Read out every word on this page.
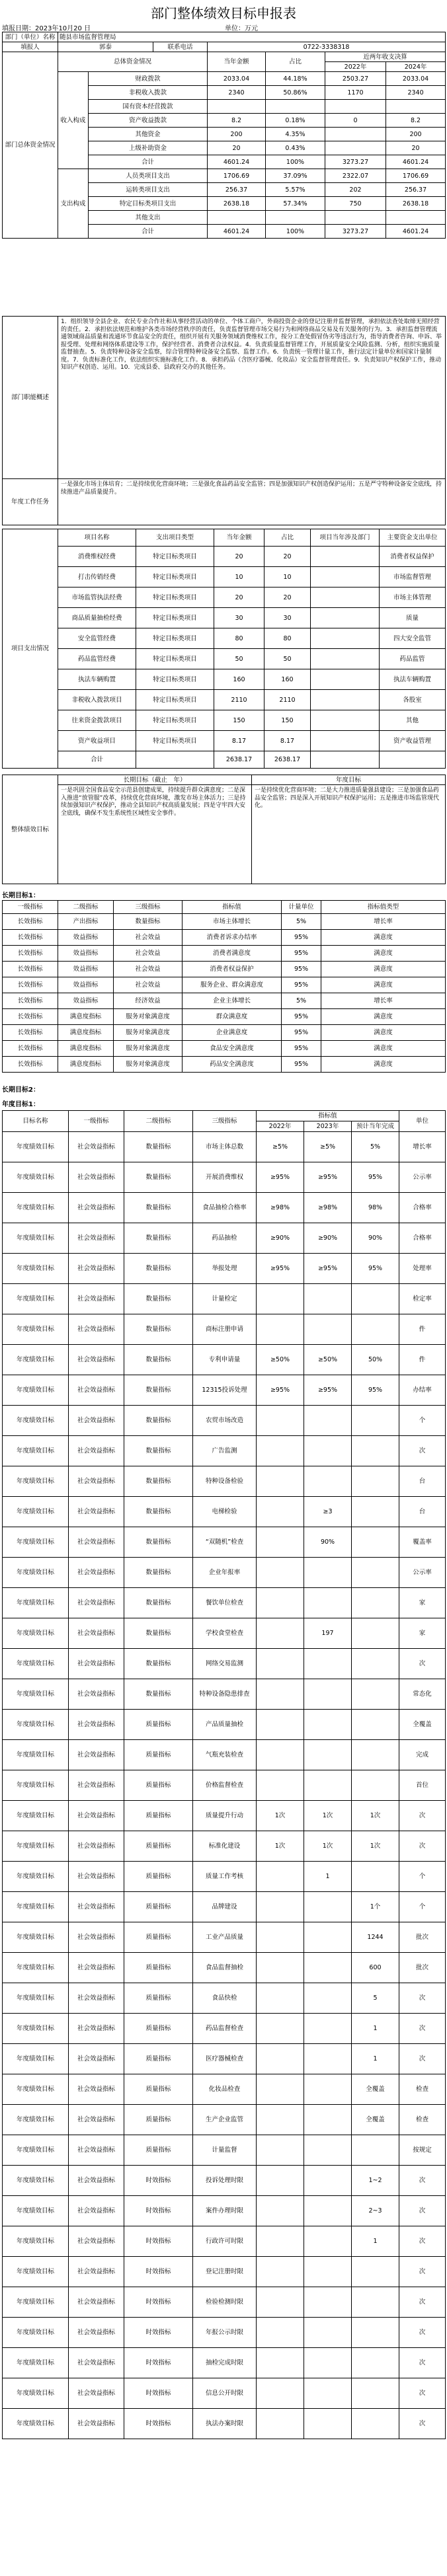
部门整体绩效目标申报表
填报日期：2023年10月20 日	单位：万元
部门（单位）名称	随县市场监督管理局						
填报人	郭泰		联系电话	0722-3338318			
部门总体资金情况	总体资金情况			当年金额	占比	近两年收支决算	
						2022年	2024年
	收入构成	财政拨款		2033.04	44.18%	2503.27	2033.04
		非税收入拨款		2340	50.86%	1170	2340
		国有资本经营拨款					
		资产收益拨款		8.2	0.18%	0	8.2
		其他资金		200	4.35%		200
		上级补助资金		20	0.43%		20
		合计		4601.24	100%	3273.27	4601.24
	支出构成	人员类项目支出		1706.69	37.09%	2322.07	1706.69
		运转类项目支出		256.37	5.57%	202	256.37
		特定目标类项目支出		2638.18	57.34%	750	2638.18
		其他支出					
		合计		4601.24	100%	3273.27	4601.24
部门职能概述	1．组织领导全县企业、农民专业合作社和从事经营活动的单位、个体工商户，外商投资企业的登记注册并监督管理，承担依法查处取缔无照经营的责任。2．承担依法规范和维护各类市场经营秩序的责任，负责监督管理市场交易行为和网络商品交易及有关服务的行为。3．承担监督管理流通领域商品质量和流通环节食品安全的责任，组织开展有关服务领域消费维权工作，按分工查处假冒伪劣等违法行为，指导消费者咨询、申诉、举报受理、处理和网络体系建设等工作，保护经营者、消费者合法权益。4．负责质量监督管理工作，开展质量安全风险监测、分析，组织实施质量监督抽查。5．负责特种设备安全监察，综合管理特种设备安全监察、监督工作。6．负责统一管理计量工作，推行法定计量单位和国家计量制度。7．负责标准化工作，依法组织实施标准化工作。8．承担药品（含医疗器械、化妆品）安全监督管理责任。9．负责知识产权保护工作，推动知识产权创造、运用。10．完成县委、县政府交办的其他任务。
年度工作任务	一是强化市场主体培育；二是持续优化营商环境；三是强化食品药品安全监管；四是加强知识产权创造保护运用；五是严守特种设备安全底线，持续推进产品质量提升。
项目支出情况	项目名称	支出项目类型	当年金额	占比	项目当年涉及部门	主要资金支出单位
	消费维权经费	特定目标类项目	20	20		消费者权益保护
	打击传销经费	特定目标类项目	10	10		市场监督管理
	市场监管执法经费	特定目标类项目	20	20		市场主体管理
	商品质量抽检经费	特定目标类项目	30	30		质量
	安全监管经费	特定目标类项目	80	80		四大安全监管
	药品监管经费	特定目标类项目	50	50		药品监管
	执法车辆购置	特定目标类项目	160	160		执法车辆购置
	非税收入拨款项目	特定目标类项目	2110	2110		各股室
	往来资金拨款项目	特定目标类项目	150	150		其他
	资产收益项目	特定目标类项目	8.17	8.17		资产收益管理
	合计		2638.17	2638.17		
整体绩效目标	长期目标（截止　年）	年度目标
	一是巩固全国食品安全示范县创建成果，持续提升群众满意度；二是深入推进“放管服”改革，持续优化营商环境，激发市场主体活力；三是持续加强知识产权保护，推动全县知识产权高质量发展；四是守牢四大安全底线，确保不发生系统性区域性安全事件。	一是持续优化营商环境；二是大力推进质量强县建设；三是加强食品药品安全监管；四是深入开展知识产权保护运用；五是推进市场监管现代化。
长期目标1：
一级指标	二级指标	三级指标	指标值	计量单位	指标值类型
长效指标	产出指标	数量指标	市场主体增长	5%	增长率
长效指标	效益指标	社会效益	消费者诉求办结率	95%	满意度
长效指标	效益指标	社会效益	消费者满意度	95%	满意度
长效指标	效益指标	社会效益	消费者权益保护	95%	满意度
长效指标	效益指标	社会效益	服务企业、群众满意度	95%	满意度
长效指标	效益指标	经济效益	企业主体增长	5%	增长率
长效指标	满意度指标	服务对象满意度	群众满意度	95%	满意度
长效指标	满意度指标	服务对象满意度	企业满意度	95%	满意度
长效指标	满意度指标	服务对象满意度	食品安全满意度	95%	满意度
长效指标	满意度指标	服务对象满意度	药品安全满意度	95%	满意度
长期目标2：
年度目标1：
目标名称	一级指标	二级指标	三级指标	指标值			单位
				2022年	2023年	预计当年完成	
年度绩效目标	社会效益指标	数量指标	市场主体总数	≥5%	≥5%	5%	增长率
年度绩效目标	社会效益指标	数量指标	开展消费维权	≥95%	≥95%	95%	公示率
年度绩效目标	社会效益指标	数量指标	食品抽检合格率	≥98%	≥98%	98%	合格率
年度绩效目标	社会效益指标	数量指标	药品抽检	≥90%	≥90%	90%	合格率
年度绩效目标	社会效益指标	数量指标	举报处理	≥95%	≥95%	95%	处理率
年度绩效目标	社会效益指标	数量指标	计量检定				检定率
年度绩效目标	社会效益指标	数量指标	商标注册申请				件
年度绩效目标	社会效益指标	数量指标	专利申请量	≥50%	≥50%	50%	件
年度绩效目标	社会效益指标	数量指标	12315投诉处理	≥95%	≥95%	95%	办结率
年度绩效目标	社会效益指标	数量指标	农贸市场改造				个
年度绩效目标	社会效益指标	数量指标	广告监测				次
年度绩效目标	社会效益指标	数量指标	特种设备检验				台
年度绩效目标	社会效益指标	数量指标	电梯检验		≥3		台
年度绩效目标	社会效益指标	数量指标	“双随机”检查		90%		覆盖率
年度绩效目标	社会效益指标	数量指标	企业年报率				公示率
年度绩效目标	社会效益指标	数量指标	餐饮单位检查				家
年度绩效目标	社会效益指标	数量指标	学校食堂检查		197		家
年度绩效目标	社会效益指标	数量指标	网络交易监测				次
年度绩效目标	社会效益指标	数量指标	特种设备隐患排查				常态化
年度绩效目标	社会效益指标	质量指标	产品质量抽检				全覆盖
年度绩效目标	社会效益指标	质量指标	气瓶充装检查				完成
年度绩效目标	社会效益指标	质量指标	价格监督检查				首位
年度绩效目标	社会效益指标	质量指标	质量提升行动	1次	1次	1次	次
年度绩效目标	社会效益指标	质量指标	标准化建设	1次	1次	1次	次
年度绩效目标	社会效益指标	质量指标	质量工作考核		1		个
年度绩效目标	社会效益指标	质量指标	品牌建设			1个	个
年度绩效目标	社会效益指标	质量指标	工业产品质量			1244	批次
年度绩效目标	社会效益指标	质量指标	食品监督抽检			600	批次
年度绩效目标	社会效益指标	质量指标	食品快检			5	次
年度绩效目标	社会效益指标	质量指标	药品监督检查			1	次
年度绩效目标	社会效益指标	质量指标	医疗器械检查			1	次
年度绩效目标	社会效益指标	质量指标	化妆品检查			全覆盖	检查
年度绩效目标	社会效益指标	质量指标	生产企业监管			全覆盖	检查
年度绩效目标	社会效益指标	质量指标	计量监督				按规定
年度绩效目标	社会效益指标	时效指标	投诉处理时限			1~2	次
年度绩效目标	社会效益指标	时效指标	案件办理时限			2~3	次
年度绩效目标	社会效益指标	时效指标	行政许可时限			1	次
年度绩效目标	社会效益指标	时效指标	登记注册时限				次
年度绩效目标	社会效益指标	时效指标	检验检测时限				次
年度绩效目标	社会效益指标	时效指标	年报公示时限				次
年度绩效目标	社会效益指标	时效指标	抽检完成时限				次
年度绩效目标	社会效益指标	时效指标	信息公开时限				次
年度绩效目标	社会效益指标	时效指标	执法办案时限				次
